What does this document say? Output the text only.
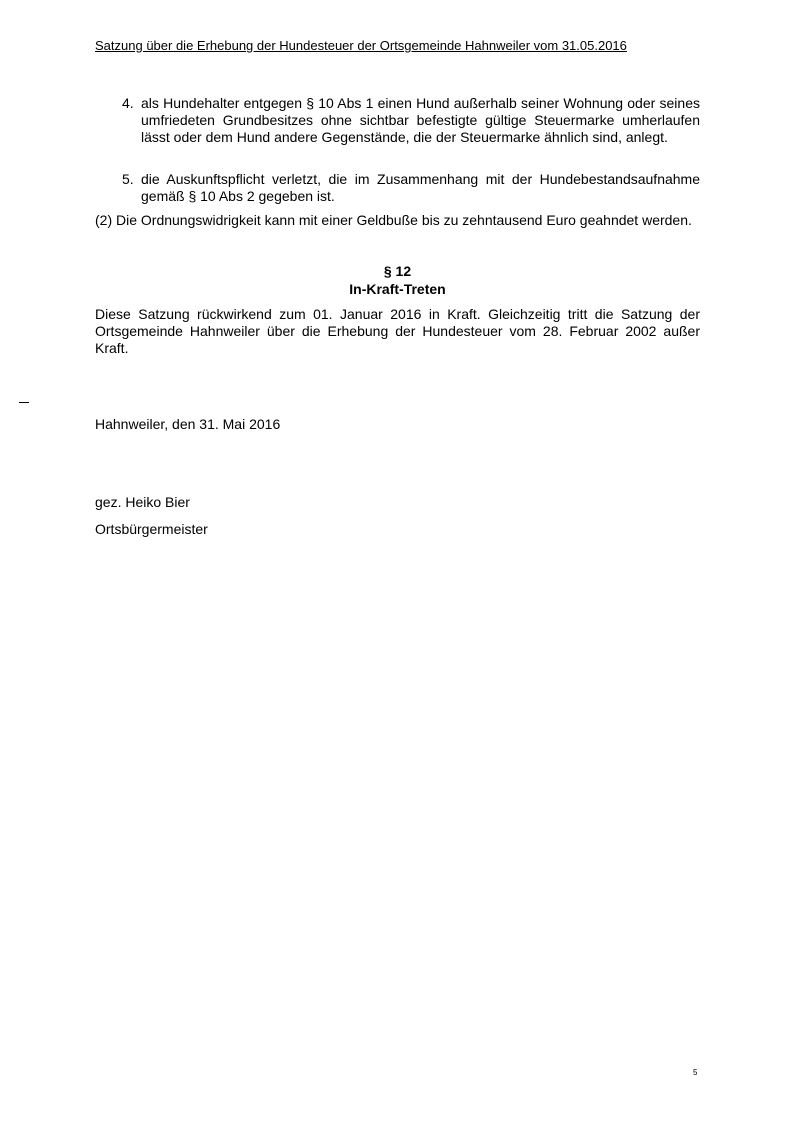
Satzung über die Erhebung der Hundesteuer der Ortsgemeinde Hahnweiler vom 31.05.2016
4. als Hundehalter entgegen § 10 Abs 1 einen Hund außerhalb seiner Wohnung oder seines umfriedeten Grundbesitzes ohne sichtbar befestigte gültige Steuermarke umherlaufen lässt oder dem Hund andere Gegenstände, die der Steuermarke ähnlich sind, anlegt.
5. die Auskunftspflicht verletzt, die im Zusammenhang mit der Hundebestandsaufnahme gemäß § 10 Abs 2 gegeben ist.
(2) Die Ordnungswidrigkeit kann mit einer Geldbuße bis zu zehntausend Euro geahndet werden.
§ 12
In-Kraft-Treten
Diese Satzung rückwirkend zum 01. Januar 2016 in Kraft. Gleichzeitig tritt die Satzung der Ortsgemeinde Hahnweiler über die Erhebung der Hundesteuer vom 28. Februar 2002 außer Kraft.
Hahnweiler, den 31. Mai 2016
gez. Heiko Bier
Ortsbürgermeister
5
